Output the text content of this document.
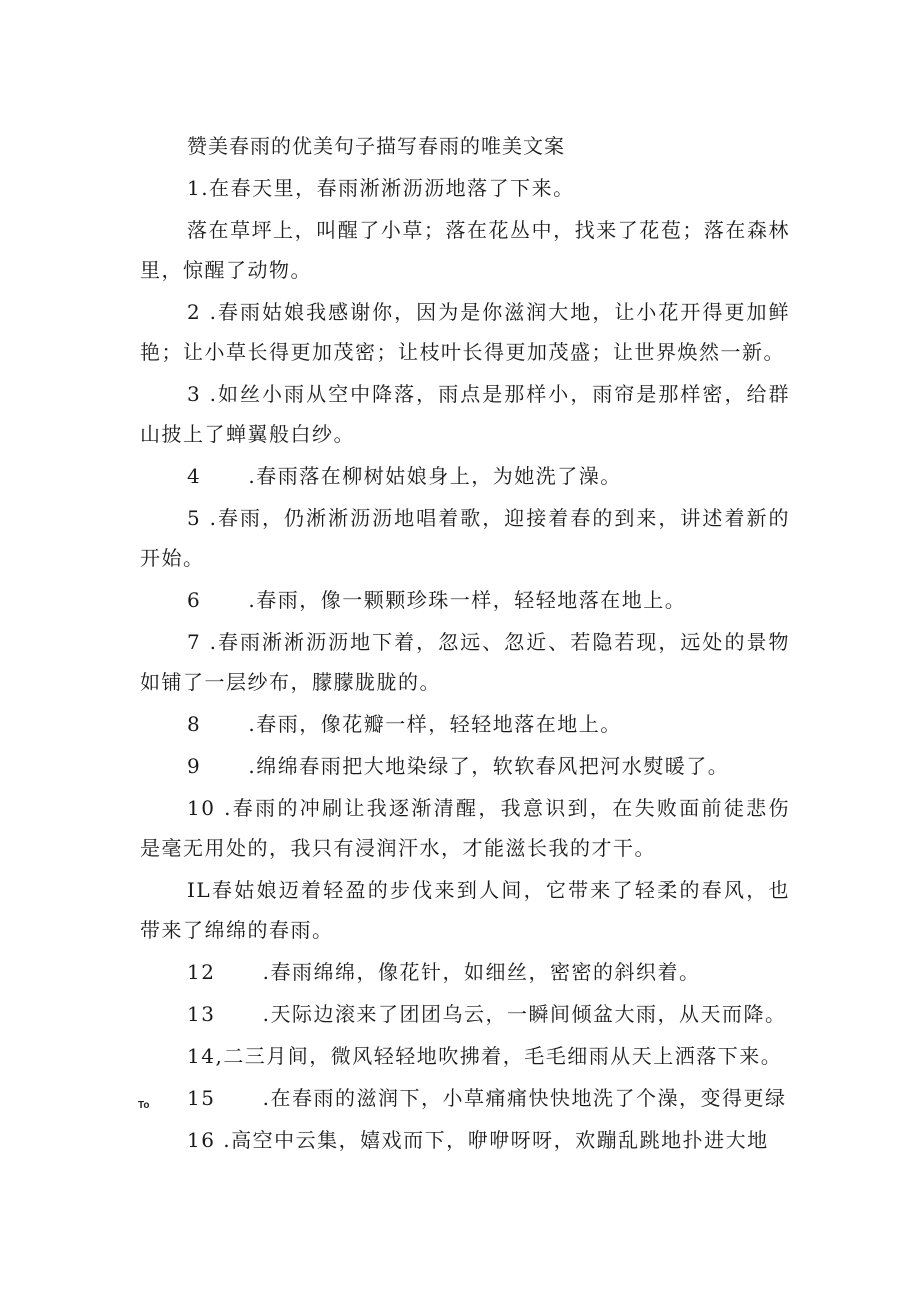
赞美春雨的优美句子描写春雨的唯美文案
1.在春天里，春雨淅淅沥沥地落了下来。
落在草坪上，叫醒了小草；落在花丛中，找来了花苞；落在森林里，惊醒了动物。
2 .春雨姑娘我感谢你，因为是你滋润大地，让小花开得更加鲜艳；让小草长得更加茂密；让枝叶长得更加茂盛；让世界焕然一新。
3 .如丝小雨从空中降落，雨点是那样小，雨帘是那样密，给群山披上了蝉翼般白纱。
4      .春雨落在柳树姑娘身上，为她洗了澡。
5 .春雨，仍淅淅沥沥地唱着歌，迎接着春的到来，讲述着新的开始。
6      .春雨，像一颗颗珍珠一样，轻轻地落在地上。
7 .春雨淅淅沥沥地下着，忽远、忽近、若隐若现，远处的景物如铺了一层纱布，朦朦胧胧的。
8      .春雨，像花瓣一样，轻轻地落在地上。
9      .绵绵春雨把大地染绿了，软软春风把河水熨暖了。
10 .春雨的冲刷让我逐渐清醒，我意识到，在失败面前徒悲伤是毫无用处的，我只有浸润汗水，才能滋长我的才干。
IL春姑娘迈着轻盈的步伐来到人间，它带来了轻柔的春风，也带来了绵绵的春雨。
12      .春雨绵绵，像花针，如细丝，密密的斜织着。
13      .天际边滚来了团团乌云，一瞬间倾盆大雨，从天而降。
14,二三月间，微风轻轻地吹拂着，毛毛细雨从天上洒落下来。
15      .在春雨的滋润下，小草痛痛快快地洗了个澡，变得更绿
16 .高空中云集，嬉戏而下，咿咿呀呀，欢蹦乱跳地扑进大地
To
